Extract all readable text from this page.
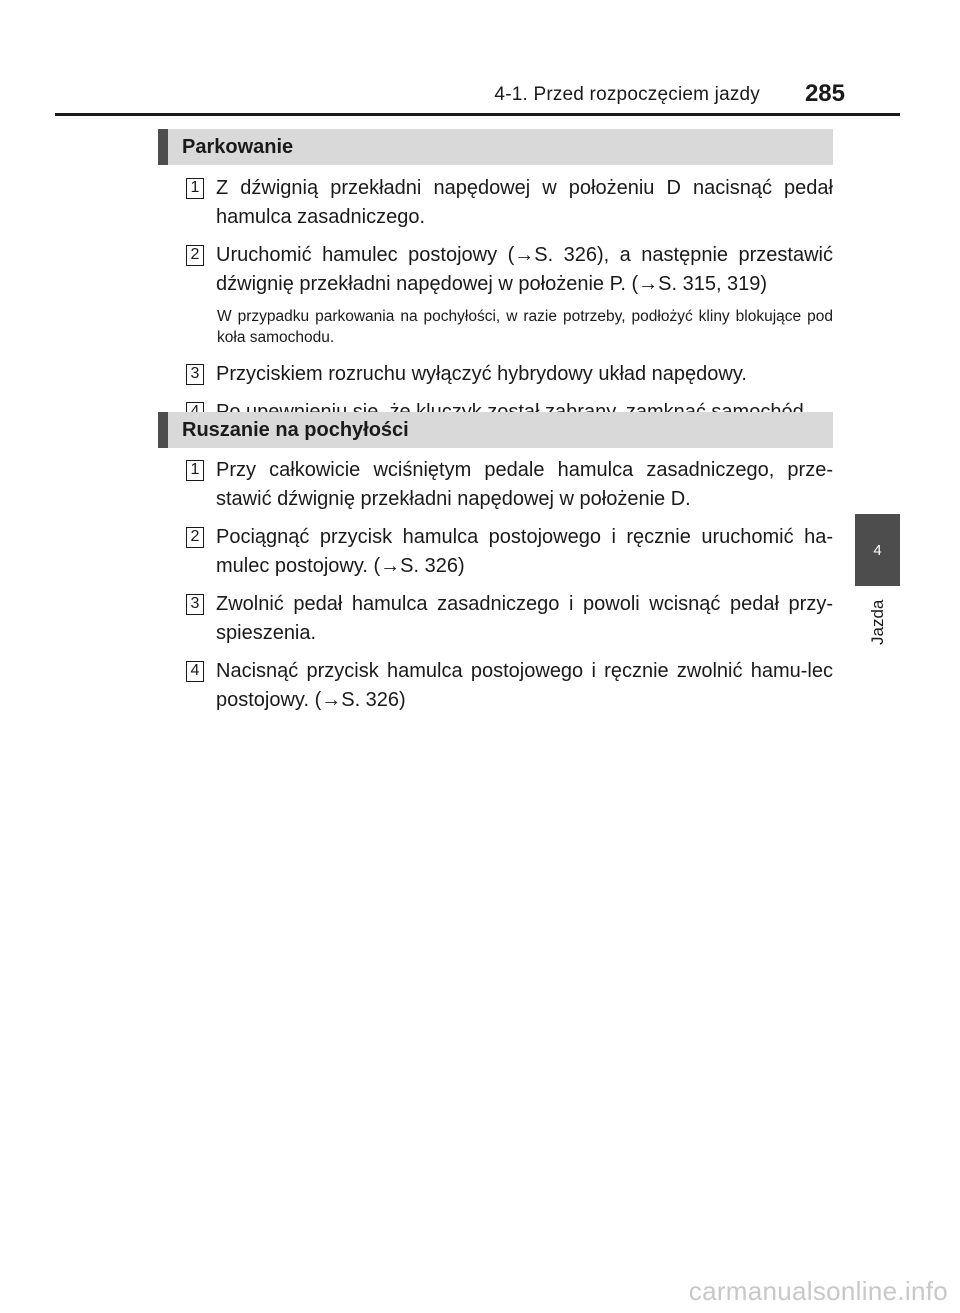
4-1. Przed rozpoczęciem jazdy 285
4
Jazda
Parkowanie
1 Z dźwignią przekładni napędowej w położeniu D nacisnąć pedał hamulca zasadniczego.
2 Uruchomić hamulec postojowy (→S. 326), a następnie przestawić dźwignię przekładni napędowej w położenie P. (→S. 315, 319)
W przypadku parkowania na pochyłości, w razie potrzeby, podłożyć kliny blokujące pod koła samochodu.
3 Przyciskiem rozruchu wyłączyć hybrydowy układ napędowy.
Ruszanie na pochyłości
1 Przy całkowicie wciśniętym pedale hamulca zasadniczego, prze-stawić dźwignię przekładni napędowej w położenie D.
2 Pociągnąć przycisk hamulca postojowego i ręcznie uruchomić ha-mulec postojowy. (→S. 326)
3 Zwolnić pedał hamulca zasadniczego i powoli wcisnąć pedał przy-spieszenia.
4 Nacisnąć przycisk hamulca postojowego i ręcznie zwolnić hamu-lec postojowy. (→S. 326)
carmanualsonline.info
